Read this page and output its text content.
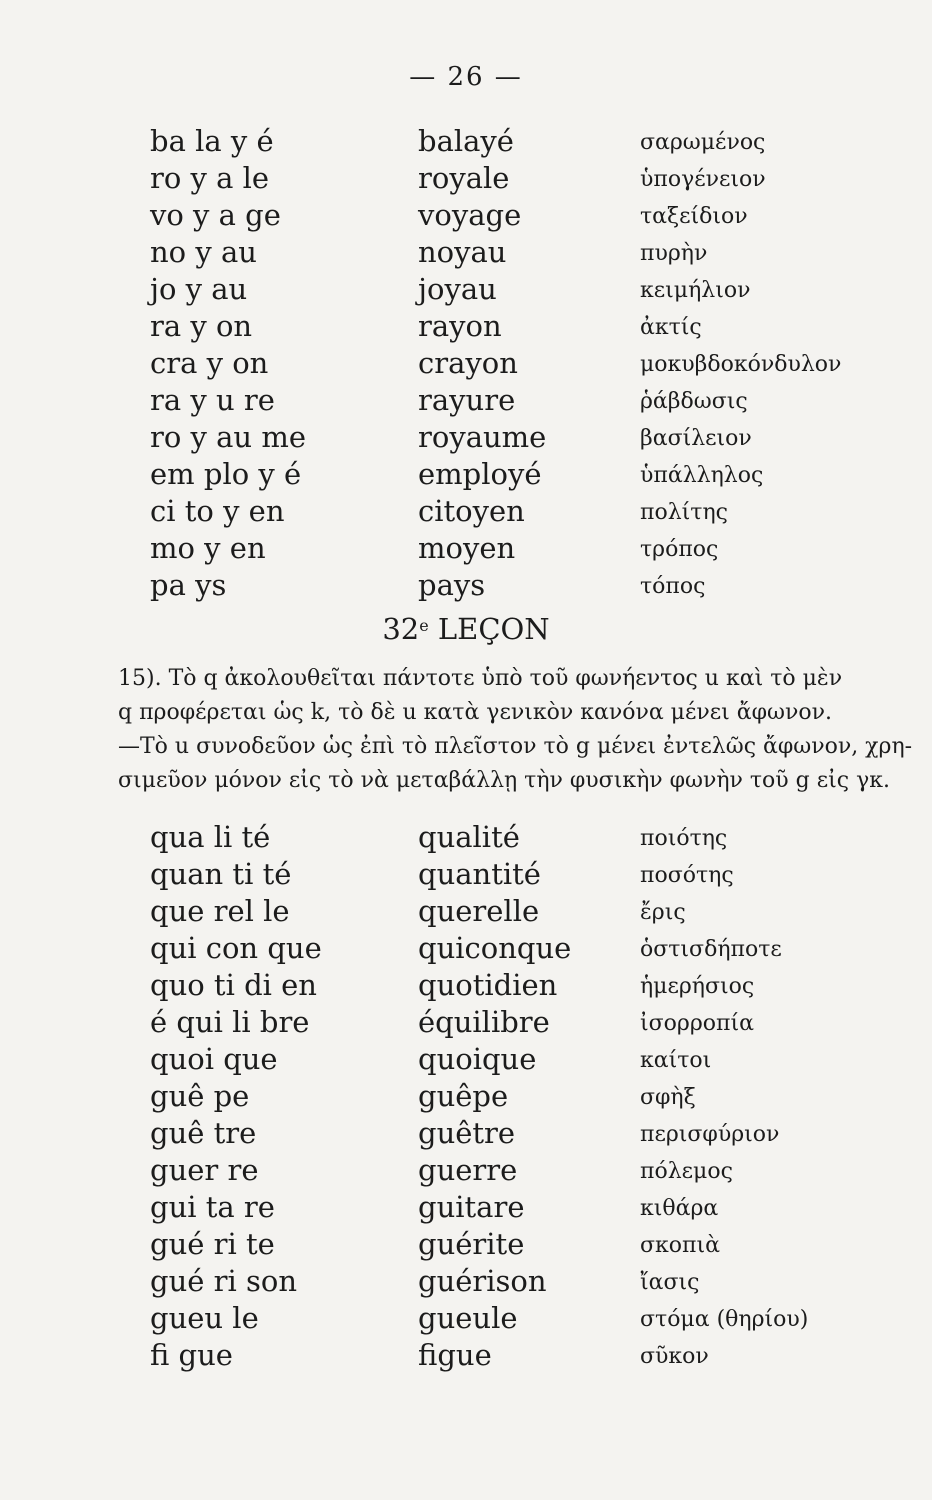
— 26 —
ba la y é	balayé	σαρωμένος
ro y a le	royale	ὑπογένειον
vo y a ge	voyage	ταξείδιον
no y au	noyau	πυρὴν
jo y au	joyau	κειμήλιον
ra y on	rayon	ἀκτίς
cra y on	crayon	μοκυβδοκόνδυλον
ra y u re	rayure	ῥάβδωσις
ro y au me	royaume	βασίλειον
em plo y é	employé	ὑπάλληλος
ci to y en	citoyen	πολίτης
mo y en	moyen	τρόπος
pa ys	pays	τόπος
32e LEÇON

15). Τὸ q ἀκολουθεῖται πάντοτε ὑπὸ τοῦ φωνήεντος u καὶ τὸ μὲν

q προφέρεται ὡς k, τὸ δὲ u κατὰ γενικὸν κανόνα μένει ἄφωνον.

—Τὸ u συνοδεῦον ὡς ἐπὶ τὸ πλεῖστον τὸ g μένει ἐντελῶς ἄφωνον, χρη-

σιμεῦον μόνον εἰς τὸ νὰ μεταβάλλῃ τὴν φυσικὴν φωνὴν τοῦ g εἰς γκ.

qua li té	qualité	ποιότης
quan ti té	quantité	ποσότης
que rel le	querelle	ἔρις
qui con que	quiconque	ὁστισδήποτε
quo ti di en	quotidien	ἡμερήσιος
é qui li bre	équilibre	ἰσορροπία
quoi que	quoique	καίτοι
guê pe	guêpe	σφὴξ
guê tre	guêtre	περισφύριον
guer re	guerre	πόλεμος
gui ta re	guitare	κιθάρα
gué ri te	guérite	σκοπιὰ
gué ri son	guérison	ἴασις
gueu le	gueule	στόμα (θηρίου)
fi gue	figue	σῦκον
